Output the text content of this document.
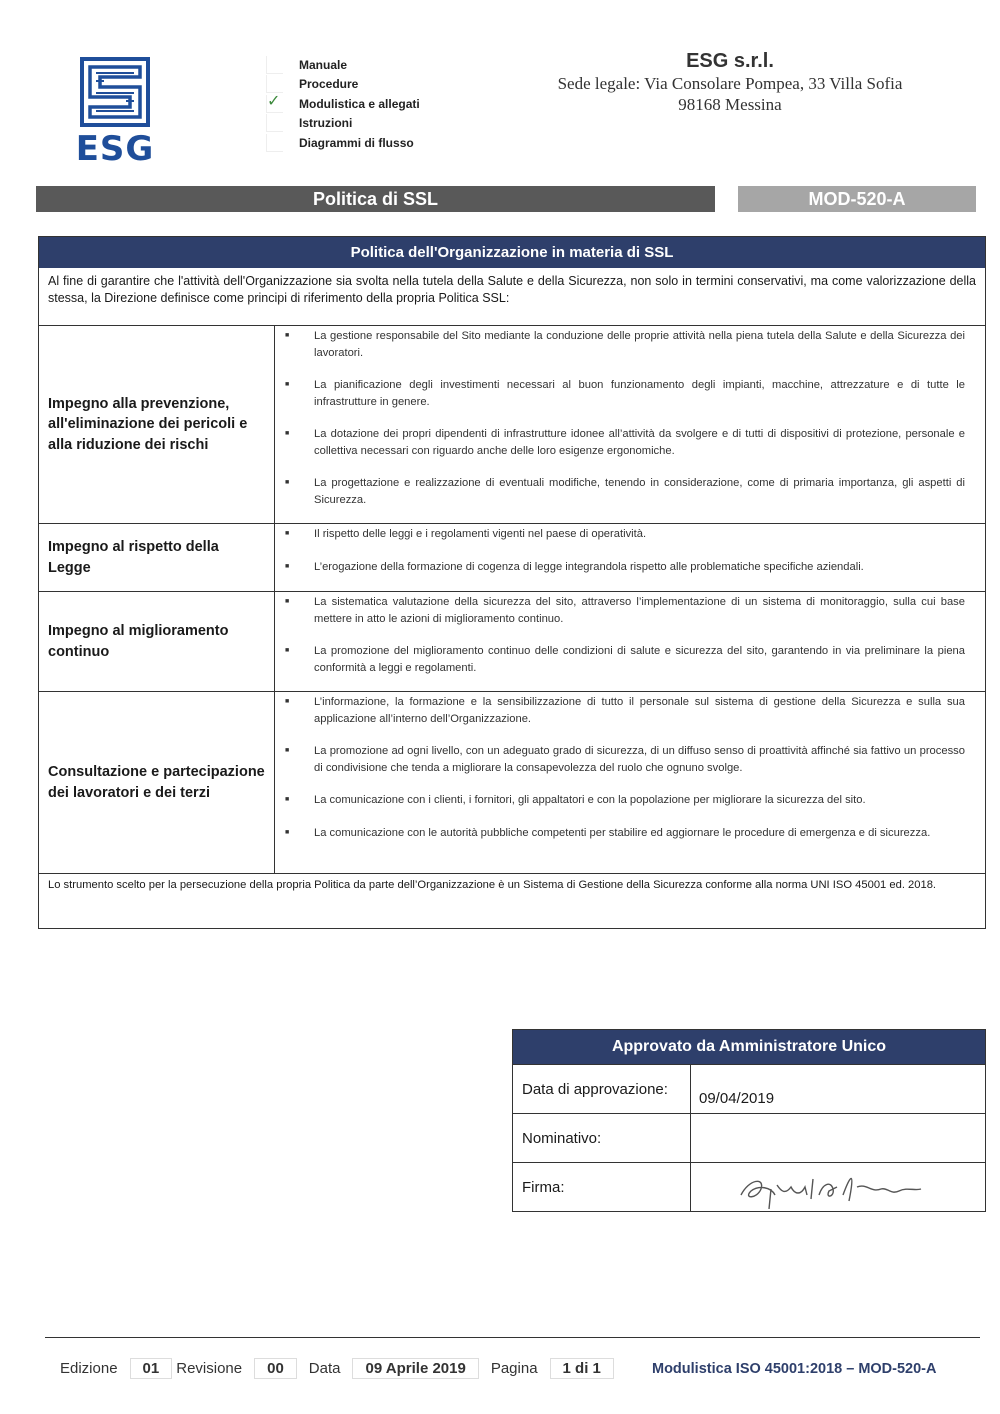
ESG
Manuale
Procedure
✓ Modulistica e allegati
Istruzioni
Diagrammi di flusso
ESG s.r.l.
Sede legale: Via Consolare Pompea, 33 Villa Sofia
98168 Messina
Politica di SSL	MOD-520-A
Politica dell'Organizzazione in materia di SSL
Al fine di garantire che l'attività dell'Organizzazione sia svolta nella tutela della Salute e della Sicurezza, non solo in termini conservativi, ma come valorizzazione della stessa, la Direzione definisce come principi di riferimento della propria Politica SSL:
Impegno alla prevenzione, all'eliminazione dei pericoli e alla riduzione dei rischi
■	La gestione responsabile del Sito mediante la conduzione delle proprie attività nella piena tutela della Salute e della Sicurezza dei lavoratori.
■	La pianificazione degli investimenti necessari al buon funzionamento degli impianti, macchine, attrezzature e di tutte le infrastrutture in genere.
■	La dotazione dei propri dipendenti di infrastrutture idonee all’attività da svolgere e di tutti di dispositivi di protezione, personale e collettiva necessari con riguardo anche delle loro esigenze ergonomiche.
■	La progettazione e realizzazione di eventuali modifiche, tenendo in considerazione, come di primaria importanza, gli aspetti di Sicurezza.
Impegno al rispetto della Legge
■	Il rispetto delle leggi e i regolamenti vigenti nel paese di operatività.
■	L’erogazione della formazione di cogenza di legge integrandola rispetto alle problematiche specifiche aziendali.
Impegno al miglioramento continuo
■	La sistematica valutazione della sicurezza del sito, attraverso l’implementazione di un sistema di monitoraggio, sulla cui base mettere in atto le azioni di miglioramento continuo.
■	La promozione del miglioramento continuo delle condizioni di salute e sicurezza del sito, garantendo in via preliminare la piena conformità a leggi e regolamenti.
Consultazione e partecipazione dei lavoratori e dei terzi
■	L’informazione, la formazione e la sensibilizzazione di tutto il personale sul sistema di gestione della Sicurezza e sulla sua applicazione all’interno dell’Organizzazione.
■	La promozione ad ogni livello, con un adeguato grado di sicurezza, di un diffuso senso di proattività affinché sia fattivo un processo di condivisione che tenda a migliorare la consapevolezza del ruolo che ognuno svolge.
■	La comunicazione con i clienti, i fornitori, gli appaltatori e con la popolazione per migliorare la sicurezza del sito.
■	La comunicazione con le autorità pubbliche competenti per stabilire ed aggiornare le procedure di emergenza e di sicurezza.
Lo strumento scelto per la persecuzione della propria Politica da parte dell’Organizzazione è un Sistema di Gestione della Sicurezza conforme alla norma UNI ISO 45001 ed. 2018.
Approvato da Amministratore Unico
Data di approvazione:
09/04/2019
Nominativo:
Firma:
Edizione	01	Revisione	00	Data	09 Aprile 2019	Pagina	1 di 1	Modulistica ISO 45001:2018 – MOD-520-A
